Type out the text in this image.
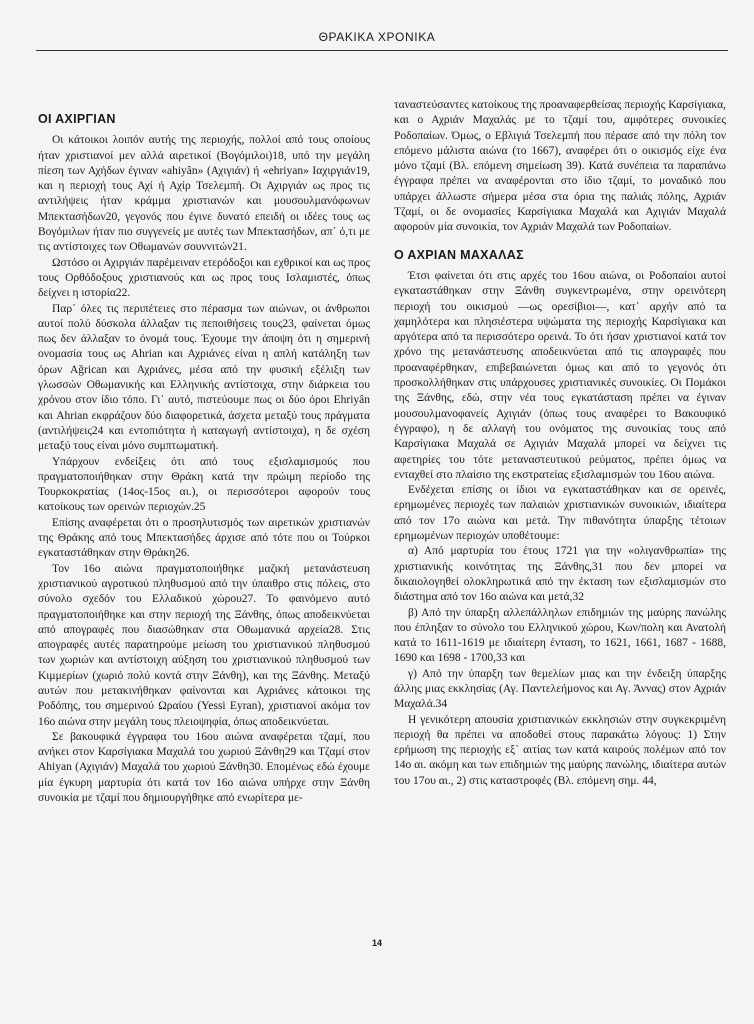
ΘΡΑΚΙΚΑ ΧΡΟΝΙΚΑ
ΟΙ ΑΧΙΡΓΙΑΝ

Οι κάτοικοι λοιπόν αυτής της περιοχής, πολλοί από τους οποίους ήταν χριστιανοί μεν αλλά αιρετικοί (Βογόμιλοι)18, υπό την μεγάλη πίεση των Αχήδων έγιναν «ahiyân» (Αχιγιάν) ή «ehriyan» Ιαχιργιάν19, και η περιοχή τους Αχί ή Αχίρ Τσελεμπή. Οι Αχιργιάν ως προς τις αντιλήψεις ήταν κράμμα χριστιανών και μουσουλμανόφωνων Μπεκτασήδων20, γεγονός που έγινε δυνατό επειδή οι ιδέες τους ως Βογόμιλων ήταν πιο συγγενείς με αυτές των Μπεκτασήδων, απ᾽ ό,τι με τις αντίστοιχες των Οθωμανών σουννιτών21.

Ωστόσο οι Αχιργιάν παρέμειναν ετερόδοξοι και εχθρικοί και ως προς τους Ορθόδοξους χριστιανούς και ως προς τους Ισλαμιστές, όπως δείχνει η ιστορία22.

Παρ᾽ όλες τις περιπέτειες στο πέρασμα των αιώνων, οι άνθρωποι αυτοί πολύ δύσκολα άλλαξαν τις πεποιθήσεις τους23, φαίνεται όμως πως δεν άλλαξαν το όνομά τους. Έχουμε την άποψη ότι η σημερινή ονομασία τους ως Ahrian και Αχριάνες είναι η απλή κατάληξη των όρων Ağrican και Αχριάνες, μέσα από την φυσική εξέλιξη των γλωσσών Οθωμανικής και Ελληνικής αντίστοιχα, στην διάρκεια του χρόνου στον ίδιο τόπο. Γι᾽ αυτό, πιστεύουμε πως οι δύο όροι Ehriyân και Ahrian εκφράζουν δύο διαφορετικά, άσχετα μεταξύ τους πράγματα (αντιλήψεις24 και εντοπιότητα ή καταγωγή αντίστοιχα), η δε σχέση μεταξύ τους είναι μόνο συμπτωματική.

Υπάρχουν ενδείξεις ότι από τους εξισλαμισμούς που πραγματοποιήθηκαν στην Θράκη κατά την πρώιμη περίοδο της Τουρκοκρατίας (14ος-15ος αι.), οι περισσότεροι αφορούν τους κατοίκους των ορεινών περιοχών.25

Επίσης αναφέρεται ότι ο προσηλυτισμός των αιρετικών χριστιανών της Θράκης από τους Μπεκτασήδες άρχισε από τότε που οι Τούρκοι εγκαταστάθηκαν στην Θράκη26.

Τον 16ο αιώνα πραγματοποιήθηκε μαζική μετανάστευση χριστιανικού αγροτικού πληθυσμού από την ύπαιθρο στις πόλεις, στο σύνολο σχεδόν του Ελλαδικού χώρου27. Το φαινόμενο αυτό πραγματοποιήθηκε και στην περιοχή της Ξάνθης, όπως αποδεικνύεται από απογραφές που διασώθηκαν στα Οθωμανικά αρχεία28. Στις απογραφές αυτές παρατηρούμε μείωση του χριστιανικού πληθυσμού των χωριών και αντίστοιχη αύξηση του χριστιανικού πληθυσμού των Κιμμερίων (χωριό πολύ κοντά στην Ξάνθη), και της Ξάνθης. Μεταξύ αυτών που μετακινήθηκαν φαίνονται και Αχριάνες κάτοικοι της Ροδόπης, του σημερινού Ωραίου (Yessi Eyran), χριστιανοί ακόμα τον 16ο αιώνα στην μεγάλη τους πλειοψηφία, όπως αποδεικνύεται.

Σε βακουφικά έγγραφα του 16ου αιώνα αναφέρεται τζαμί, που ανήκει στον Καρσίγιακα Μαχαλά του χωριού Ξάνθη29 και Τζαμί στον Ahiyan (Αχιγιάν) Μαχαλά του χωριού Ξάνθη30. Επομένως εδώ έχουμε μία έγκυρη μαρτυρία ότι κατά τον 16ο αιώνα υπήρχε στην Ξάνθη συνοικία με τζαμί που δημιουργήθηκε από ενωρίτερα με-

ταναστεύσαντες κατοίκους της προαναφερθείσας περιοχής Καρσίγιακα, και ο Αχριάν Μαχαλάς με το τζαμί του, αμφότερες συνοικίες Ροδοπαίων. Όμως, ο Εβλιγιά Τσελεμπή που πέρασε από την πόλη τον επόμενο μάλιστα αιώνα (το 1667), αναφέρει ότι ο οικισμός είχε ένα μόνο τζαμί (Βλ. επόμενη σημείωση 39). Κατά συνέπεια τα παραπάνω έγγραφα πρέπει να αναφέρονται στο ίδιο τζαμί, το μοναδικό που υπάρχει άλλωστε σήμερα μέσα στα όρια της παλιάς πόλης, Αχριάν Τζαμί, οι δε ονομασίες Καρσίγιακα Μαχαλά και Αχιγιάν Μαχαλά αφορούν μία συνοικία, τον Αχριάν Μαχαλά των Ροδοπαίων.

Ο ΑΧΡΙΑΝ ΜΑΧΑΛΑΣ

Έτσι φαίνεται ότι στις αρχές του 16ου αιώνα, οι Ροδοπαίοι αυτοί εγκαταστάθηκαν στην Ξάνθη συγκεντρωμένα, στην ορεινότερη περιοχή του οικισμού —ως ορεσίβιοι—, κατ᾽ αρχήν από τα χαμηλότερα και πλησιέστερα υψώματα της περιοχής Καρσίγιακα και αργότερα από τα περισσότερο ορεινά. Το ότι ήσαν χριστιανοί κατά τον χρόνο της μετανάστευσης αποδεικνύεται από τις απογραφές που προαναφέρθηκαν, επιβεβαιώνεται όμως και από το γεγονός ότι προσκολλήθηκαν στις υπάρχουσες χριστιανικές συνοικίες. Οι Πομάκοι της Ξάνθης, εδώ, στην νέα τους εγκατάσταση πρέπει να έγιναν μουσουλμανοφανείς Αχιγιάν (όπως τους αναφέρει το Βακουφικό έγγραφο), η δε αλλαγή του ονόματος της συνοικίας τους από Καρσίγιακα Μαχαλά σε Αχιγιάν Μαχαλά μπορεί να δείχνει τις αφετηρίες του τότε μεταναστευτικού ρεύματος, πρέπει όμως να ενταχθεί στο πλαίσιο της εκστρατείας εξισλαμισμών του 16ου αιώνα.

Ενδέχεται επίσης οι ίδιοι να εγκαταστάθηκαν και σε ορεινές, ερημωμένες περιοχές των παλαιών χριστιανικών συνοικιών, ιδιαίτερα από τον 17ο αιώνα και μετά. Την πιθανότητα ύπαρξης τέτοιων ερημωμένων περιοχών υποθέτουμε:

α) Από μαρτυρία του έτους 1721 για την «ολιγανθρωπία» της χριστιανικής κοινότητας της Ξάνθης,31 που δεν μπορεί να δικαιολογηθεί ολοκληρωτικά από την έκταση των εξισλαμισμών στο διάστημα από τον 16ο αιώνα και μετά,32

β) Από την ύπαρξη αλλεπάλληλων επιδημιών της μαύρης πανώλης που έπληξαν το σύνολο του Ελληνικού χώρου, Κων/πολη και Ανατολή κατά το 1611-1619 με ιδιαίτερη ένταση, το 1621, 1661, 1687 - 1688, 1690 και 1698 - 1700,33 και

γ) Από την ύπαρξη των θεμελίων μιας και την ένδειξη ύπαρξης άλλης μιας εκκλησίας (Αγ. Παντελεήμονος και Αγ. Άννας) στον Αχριάν Μαχαλά.34

Η γενικότερη απουσία χριστιανικών εκκλησιών στην συγκεκριμένη περιοχή θα πρέπει να αποδοθεί στους παρακάτω λόγους: 1) Στην ερήμωση της περιοχής εξ᾽ αιτίας των κατά καιρούς πολέμων από τον 14ο αι. ακόμη και των επιδημιών της μαύρης πανώλης, ιδιαίτερα αυτών του 17ου αι., 2) στις καταστροφές (Βλ. επόμενη σημ. 44,

14
